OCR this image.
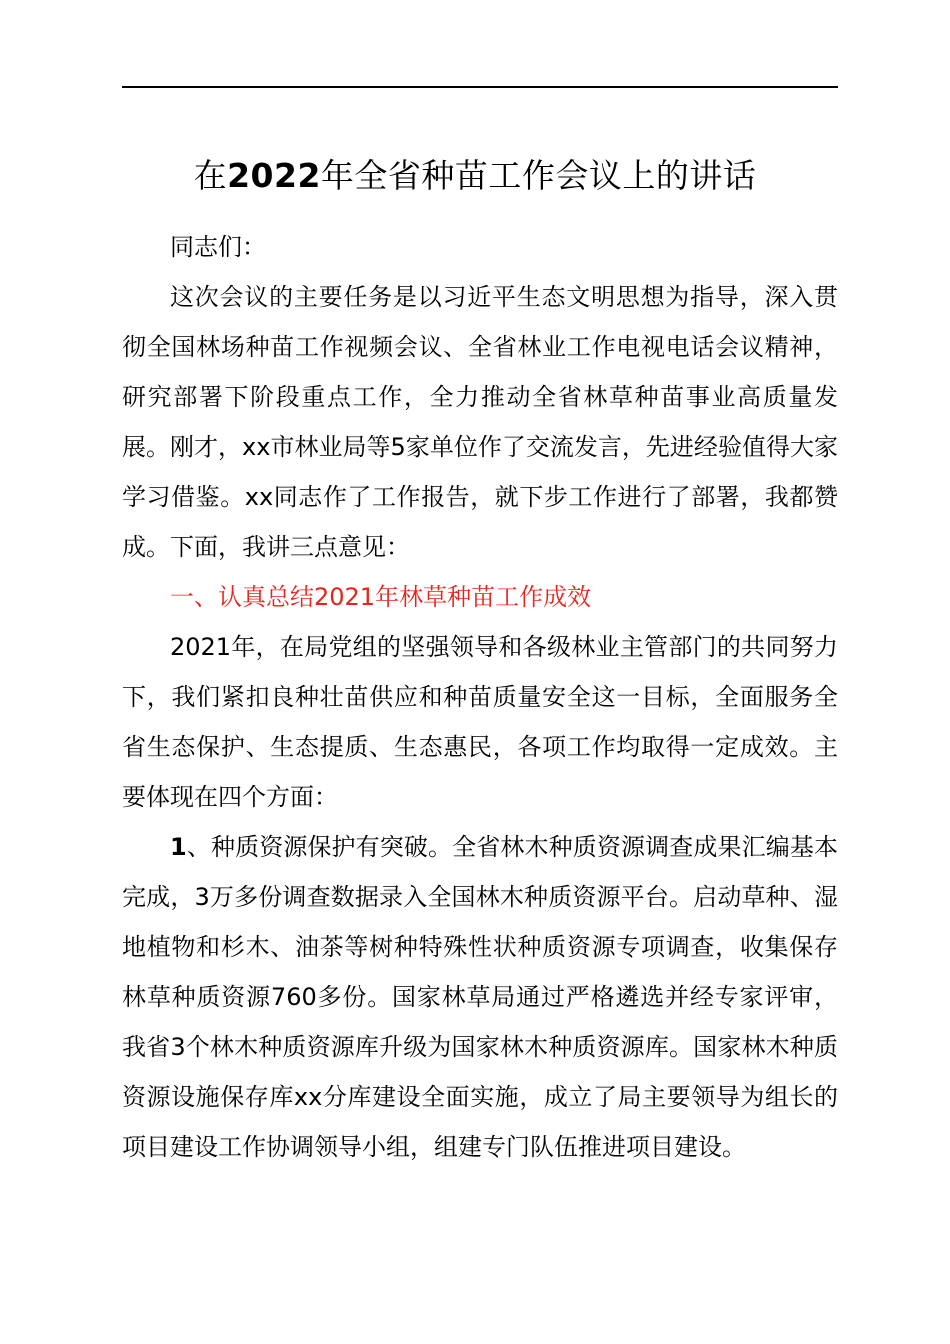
在2022年全省种苗工作会议上的讲话

同志们：

这次会议的主要任务是以习近平生态文明思想为指导，深入贯彻全国林场种苗工作视频会议、全省林业工作电视电话会议精神，研究部署下阶段重点工作，全力推动全省林草种苗事业高质量发展。刚才，xx市林业局等5家单位作了交流发言，先进经验值得大家学习借鉴。xx同志作了工作报告，就下步工作进行了部署，我都赞成。下面，我讲三点意见：

一、认真总结2021年林草种苗工作成效

2021年，在局党组的坚强领导和各级林业主管部门的共同努力下，我们紧扣良种壮苗供应和种苗质量安全这一目标，全面服务全省生态保护、生态提质、生态惠民，各项工作均取得一定成效。主要体现在四个方面：

1、种质资源保护有突破。全省林木种质资源调查成果汇编基本完成，3万多份调查数据录入全国林木种质资源平台。启动草种、湿地植物和杉木、油茶等树种特殊性状种质资源专项调查，收集保存林草种质资源760多份。国家林草局通过严格遴选并经专家评审，我省3个林木种质资源库升级为国家林木种质资源库。国家林木种质资源设施保存库xx分库建设全面实施，成立了局主要领导为组长的项目建设工作协调领导小组，组建专门队伍推进项目建设。
